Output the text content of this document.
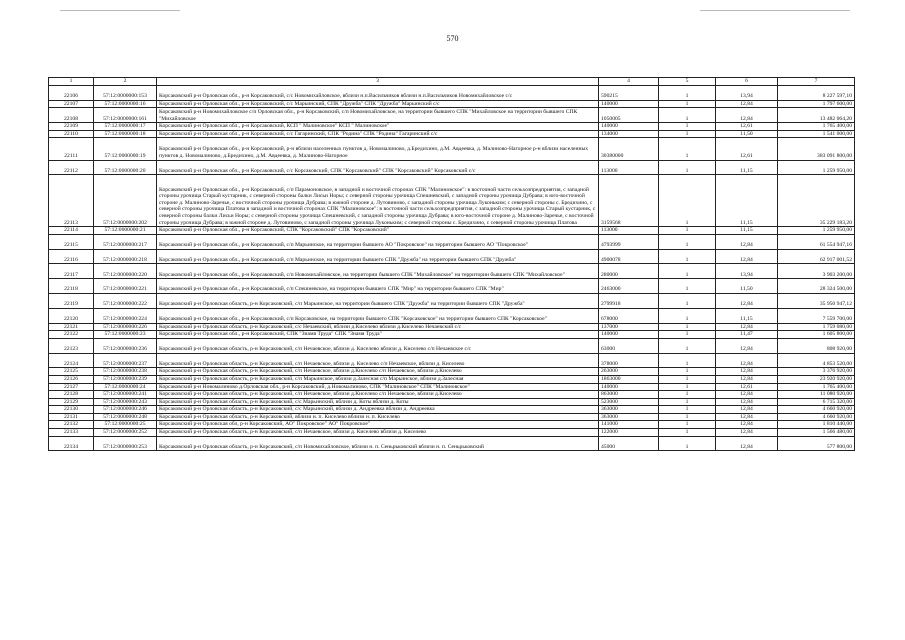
570
1	2	3	4	5	6	7
22106	57:12:0000000:153	Корсаковский р-н Орловская обл., р-н Корсаковский, с/с Новомихайловское, вблизи н.п.Васильчиков вблизи н.п.Васильчиков Новомихайловское с/с	590215	1	13,94	8 227 597,10
22107	57:12:0000000:16	Корсаковский р-н Орловская обл., р-н Корсаковский, с/с Марьинский, СПК "Дружба" СПК "Дружба" Марьинский с/с	140000	1	12,84	1 797 600,00
22108	57:12:0000000:161	Корсаковский р-н Новомихайловское с/п Орловская обл., р-н Корсаковский, с/п Новомихайловское, на территории бывшего СПК "Михайловское на территории бывшего СПК "Михайловское	1050005	1	12,84	13 482 064,20
22109	57:12:0000000:17	Корсаковский р-н Орловская обл., р-н Корсаковский, КСП " Малиновское" КСП " Малиновское"	140000	1	12,61	1 765 400,00
22110	57:12:0000000:18	Корсаковский р-н Орловская обл., р-н Корсаковский, с/с Гагаринский, СПК "Родина" СПК "Родина" Гагаринский с/с	134000	1	11,50	1 541 000,00
22111	57:12:0000000:19	Корсаковский р-н Орловская обл., р-н Корсаковский, р-н вблизи населенных пунктов д. Новомалиново, д.Бредихино, д.М. Авдеевка, д. Малиново-Нагорное р-н вблизи населенных пунктов д. Новомалиново, д.Бредихино, д.М. Авдеевка, д. Малиново-Нагорное	30380000	1	12,61	383 091 800,00
22112	57:12:0000000:20	Корсаковский р-н Орловская обл., р-н Корсаковский, с/с Корсаковский, СПК "Корсаковский" СПК "Корсаковский" Корсаковский с/с	113000	1	11,15	1 259 950,00
22113	57:12:0000000:202	Корсаковский р-н Орловская обл., р-н Корсаковский, с/п Парамоновское, в западной и восточной сторонах СПК "Малиновское": в восточной части сельхозпредприятия, с западной стороны урочища Старый кустарник, с северной стороны балки Лисьи Норы; с северной стороны урочища Спешневский, с западной стороны урочища Дубрава; в юго-восточной стороне д. Малиново-Заречье, с восточной стороны урочища Дубрава; в южной стороне д. Лутовиново, с западной стороны урочища Луконьким; с северной стороны с. Бредихино, с северной стороны урочища Платова в западной и восточной сторонах СПК "Малиновское": в восточной части сельхозпредприятия, с западной стороны урочища Старый кустарник, с северной стороны балки Лисьи Норы; с северной стороны урочища Спешневский, с западной стороны урочища Дубрава; в юго-восточной стороне д. Малиново-Заречье, с восточной стороны урочища Дубрава; в южной стороне д. Лутовиново, с западной стороны урочища Луконьким; с северной стороны с. Бредихино, с северной стороны урочища Платова	3159568	1	11,15	35 229 183,20
22114	57:12:0000000:21	Корсаковский р-н Орловская обл., р-н Корсаковский, СПК "Корсаковский" СПК "Корсаковский"	113000	1	11,15	1 259 950,00
22115	57:12:0000000:217	Корсаковский р-н Орловская обл., р-н Корсаковский, с/п Марьинское, на территории бывшего АО "Покровское" на территории бывшего АО "Покровское"	4793999	1	12,84	61 554 947,16
22116	57:12:0000000:218	Корсаковский р-н Орловская обл., р-н Корсаковский, с/п Марьинское, на территории бывшего СПК "Дружба" на территории бывшего СПК "Дружба"	4900078	1	12,84	62 917 001,52
22117	57:12:0000000:220	Корсаковский р-н Орловская обл., р-н Корсаковский, с/п Новомихайловское, на территории бывшего СПК "Михайловское" на территории бывшего СПК "Михайловское"	280000	1	13,94	3 903 200,00
22118	57:12:0000000:221	Корсаковский р-н Орловская обл., р-н Корсаковский, с/п Спешневское, на территории бывшего СПК "Мир" на территории бывшего СПК "Мир"	2463000	1	11,50	28 324 500,00
22119	57:12:0000000:222	Корсаковский р-н Орловская область, р-н Корсаковский, с/п Марьинское, на территории бывшего СПК "Дружба" на территории бывшего СПК "Дружба"	2799918	1	12,84	35 950 947,12
22120	57:12:0000000:224	Корсаковский р-н Орловская обл., р-н Корсаковский, с/п Корсаковское, на территории бывшего СПК "Корсаковское" на территории бывшего СПК "Корсаковское"	678000	1	11,15	7 559 700,00
22121	57:12:0000000:226	Корсаковский р-н Орловская область, р-н Корсаковский, с/с Нечаевский, вблизи д.Киселево вблизи д.Киселево Нечаевский с/с	137000	1	12,84	1 759 080,00
22122	57:12:0000000:23	Корсаковский р-н Орловская обл., р-н Корсаковский, СПК "Знамя Труда" СПК "Знамя Труда"	140000	1	11,47	1 605 800,00
22123	57:12:0000000:236	Корсаковский р-н Орловская область, р-н Корсаковский, с/п Нечаевское, вблизи д. Киселево вблизи д. Киселево с/п Нечаевское с/с	63000	1	12,84	808 920,00
22124	57:12:0000000:237	Корсаковский р-н Орловская область, р-н Корсаковский, с/п Нечаевское, вблизи д. Киселево с/п Нечаевское, вблизи д. Киселево	378000	1	12,84	4 853 520,00
22125	57:12:0000000:238	Корсаковский р-н Орловская область, р-н Корсаковский, с/п Нечаевское, вблизи д.Киселево с/п Нечаевское, вблизи д.Киселево	263000	1	12,84	3 376 920,00
22126	57:12:0000000:239	Корсаковский р-н Орловская область, р-н Корсаковский, с/п Марьинское, вблизи д.Залесная с/п Марьинское, вблизи д.Залесная	1863000	1	12,84	23 920 920,00
22127	57:12:0000000:24	Корсаковский р-н Новомалиново д.Орловская обл., р-н Корсаковский, д.Новомалиново, СПК "Малиновское" СПК "Малиновское"	140000	1	12,61	1 765 400,00
22128	57:12:0000000:241	Корсаковский р-н Орловская область, р-н Корсаковский, с/п Нечаевское, вблизи д.Киселево с/п Нечаевское, вблизи д.Киселево	863000	1	12,84	11 080 920,00
22129	57:12:0000000:243	Корсаковский р-н Орловская область, р-н Корсаковский, с/с Марьинский, вблизи д. Коты вблизи д. Коты	523000	1	12,84	6 715 320,00
22130	57:12:0000000:246	Корсаковский р-н Орловская область, р-н Корсаковский, с/с Марьинский, вблизи д. Андреевка вблизи д. Андреевка	363000	1	12,84	4 660 920,00
22131	57:12:0000000:248	Корсаковский р-н Орловская область, р-н Корсаковский, вблизи н. п. Киселево вблизи н. п. Киселево	363000	1	12,84	4 660 920,00
22132	57:12:0000000:25	Корсаковский р-н Орловская обл, р-н Корсаковский, АО" Покровское" АО" Покровское"	141000	1	12,84	1 810 440,00
22133	57:12:0000000:252	Корсаковский р-н Орловская область, р-н Корсаковский, с/п Нечаевское, вблизи д. Киселево вблизи д. Киселево	122000	1	12,84	1 566 480,00
22134	57:12:0000000:253	Корсаковский р-н Орловская область, р-н Корсаковский, с/п Новомихайловское, вблизи н. п. Сеньрьковский вблизи н. п. Сеньрьковский	45000	1	12,84	577 800,00
